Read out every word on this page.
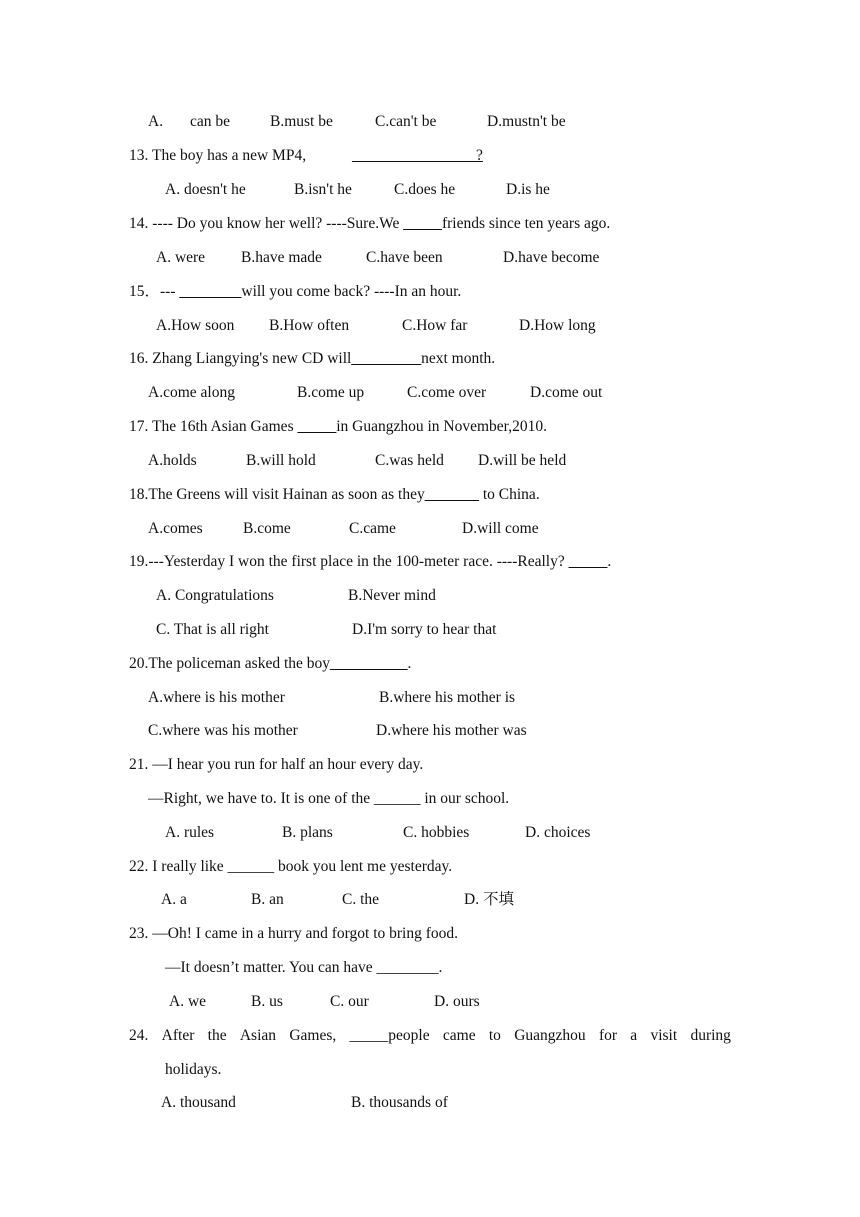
A. can be	B.must be	C.can't be	D.mustn't be
13. The boy has a new MP4,	________________?
A. doesn't he	B.isn't he	C.does he	D.is he
14. ---- Do you know her well? ----Sure.We _____friends since ten years ago.
A. were B.have made	C.have been	D.have become
15．--- ________will you come back? ----In an hour.
A.How soon B.How often	C.How far	D.How long
16. Zhang Liangying's new CD will_________next month.
A.come along	B.come up	C.come over	D.come out
17. The 16th Asian Games _____in Guangzhou in November,2010.
A.holds	B.will hold	C.was held D.will be held
18.The Greens will visit Hainan as soon as they_______ to China.
A.comes	B.come	C.came	D.will come
19.---Yesterday I won the first place in the 100-meter race. ----Really? _____.
A. Congratulations	B.Never mind
C. That is all right	D.I'm sorry to hear that
20.The policeman asked the boy__________.
A.where is his mother	B.where his mother is
C.where was his mother	D.where his mother was
21. —I hear you run for half an hour every day.
—Right, we have to. It is one of the ______ in our school.
A. rules	B. plans	C. hobbies	D. choices
22. I really like ______ book you lent me yesterday.
A. a	B. an	C. the	D. 不填
23. —Oh! I came in a hurry and forgot to bring food.
—It doesn’t matter. You can have ________.
A. we	B. us	C. our	D. ours
24. After the Asian Games, _____people came to Guangzhou for a visit during
holidays.
A. thousand	B. thousands of
